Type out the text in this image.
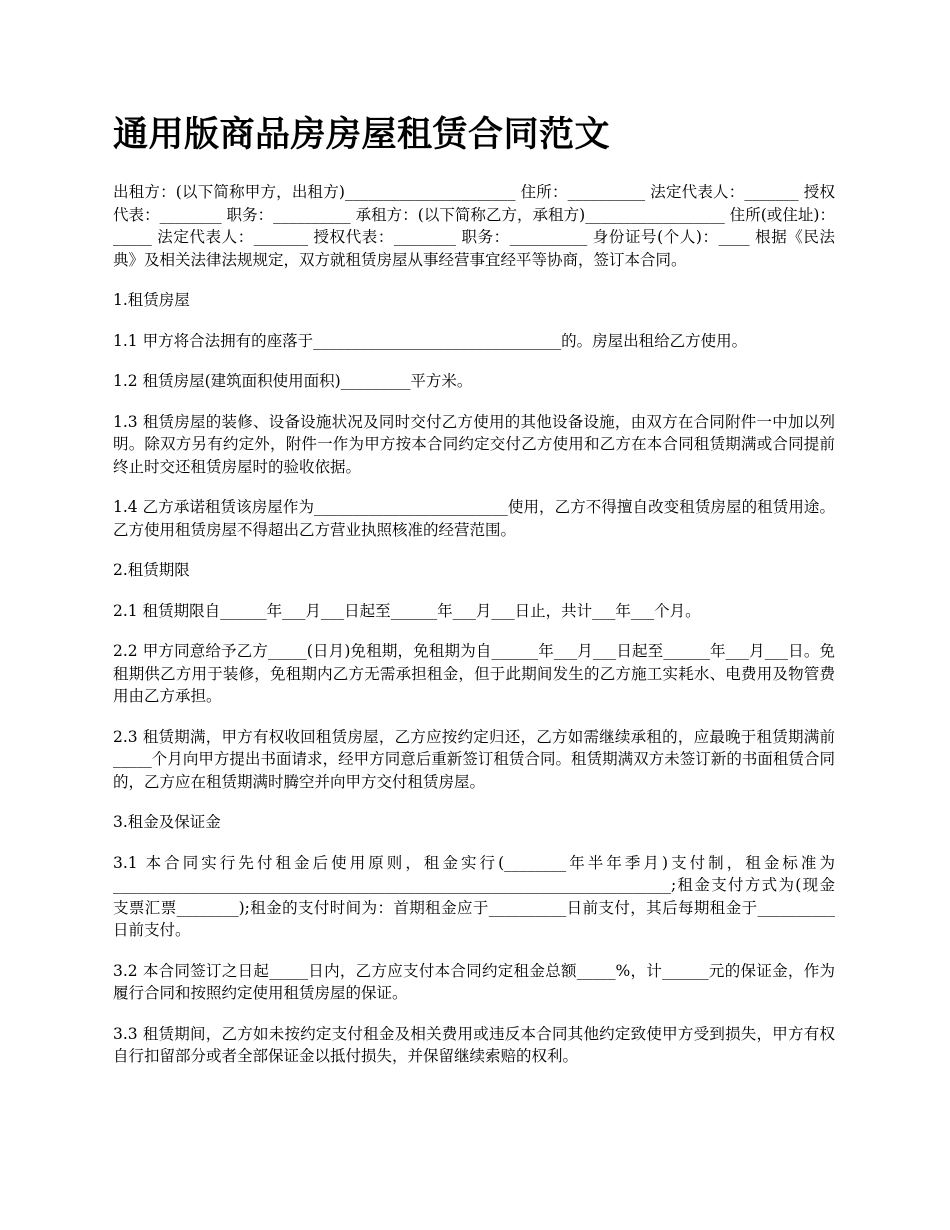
通用版商品房房屋租赁合同范文

出租方：(以下简称甲方，出租方)______________________ 住所：__________ 法定代表人：_______ 授权代表：________ 职务：__________ 承租方：(以下简称乙方，承租方)__________________ 住所(或住址)：_____ 法定代表人：_______ 授权代表：________ 职务：__________ 身份证号(个人)：____ 根据《民法典》及相关法律法规规定，双方就租赁房屋从事经营事宜经平等协商，签订本合同。

1.租赁房屋

1.1 甲方将合法拥有的座落于________________________________的。房屋出租给乙方使用。

1.2 租赁房屋(建筑面积使用面积)_________平方米。

1.3 租赁房屋的装修、设备设施状况及同时交付乙方使用的其他设备设施，由双方在合同附件一中加以列明。除双方另有约定外，附件一作为甲方按本合同约定交付乙方使用和乙方在本合同租赁期满或合同提前终止时交还租赁房屋时的验收依据。

1.4 乙方承诺租赁该房屋作为_________________________使用，乙方不得擅自改变租赁房屋的租赁用途。乙方使用租赁房屋不得超出乙方营业执照核准的经营范围。

2.租赁期限

2.1 租赁期限自______年___月___日起至______年___月___日止，共计___年___个月。

2.2 甲方同意给予乙方_____(日月)免租期，免租期为自______年___月___日起至______年___月___日。免租期供乙方用于装修，免租期内乙方无需承担租金，但于此期间发生的乙方施工实耗水、电费用及物管费用由乙方承担。

2.3 租赁期满，甲方有权收回租赁房屋，乙方应按约定归还，乙方如需继续承租的，应最晚于租赁期满前_____个月向甲方提出书面请求，经甲方同意后重新签订租赁合同。租赁期满双方未签订新的书面租赁合同的，乙方应在租赁期满时腾空并向甲方交付租赁房屋。

3.租金及保证金

3.1 本合同实行先付租金后使用原则，租金实行(________年半年季月)支付制，租金标准为 ________________________________________________________________________;租金支付方式为(现金支票汇票________);租金的支付时间为：首期租金应于__________日前支付，其后每期租金于__________日前支付。

3.2 本合同签订之日起_____日内，乙方应支付本合同约定租金总额_____%，计______元的保证金，作为履行合同和按照约定使用租赁房屋的保证。

3.3 租赁期间，乙方如未按约定支付租金及相关费用或违反本合同其他约定致使甲方受到损失，甲方有权自行扣留部分或者全部保证金以抵付损失，并保留继续索赔的权利。
